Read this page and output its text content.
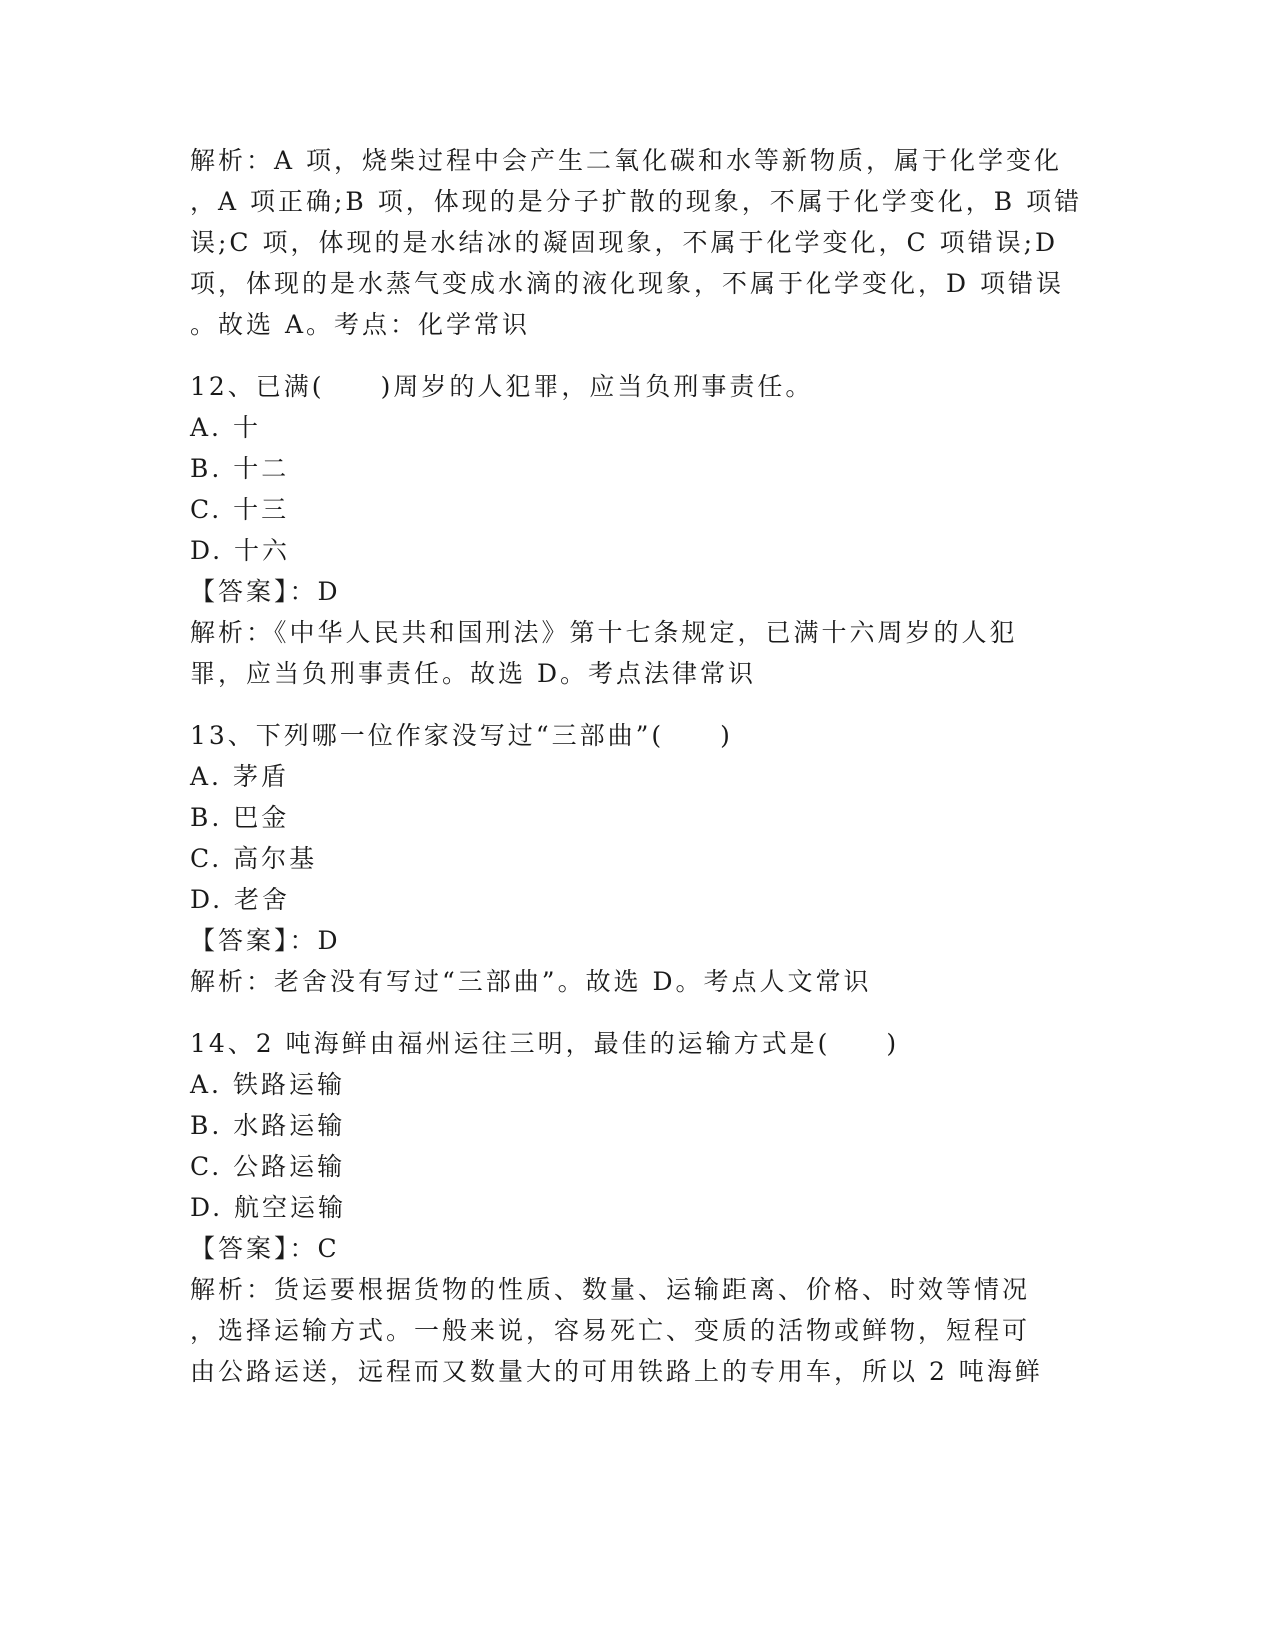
解析：A 项，烧柴过程中会产生二氧化碳和水等新物质，属于化学变化
，A 项正确;B 项，体现的是分子扩散的现象，不属于化学变化，B 项错
误;C 项，体现的是水结冰的凝固现象，不属于化学变化，C 项错误;D
项，体现的是水蒸气变成水滴的液化现象，不属于化学变化，D 项错误
。故选 A。考点：化学常识
12、已满(　　)周岁的人犯罪，应当负刑事责任。
A. 十
B. 十二
C. 十三
D. 十六
【答案】：D
解析：《中华人民共和国刑法》第十七条规定，已满十六周岁的人犯
罪，应当负刑事责任。故选 D。考点法律常识
13、下列哪一位作家没写过“三部曲”(　　)
A. 茅盾
B. 巴金
C. 高尔基
D. 老舍
【答案】：D
解析：老舍没有写过“三部曲”。故选 D。考点人文常识
14、2 吨海鲜由福州运往三明，最佳的运输方式是(　　)
A. 铁路运输
B. 水路运输
C. 公路运输
D. 航空运输
【答案】：C
解析：货运要根据货物的性质、数量、运输距离、价格、时效等情况
，选择运输方式。一般来说，容易死亡、变质的活物或鲜物，短程可
由公路运送，远程而又数量大的可用铁路上的专用车，所以 2 吨海鲜
